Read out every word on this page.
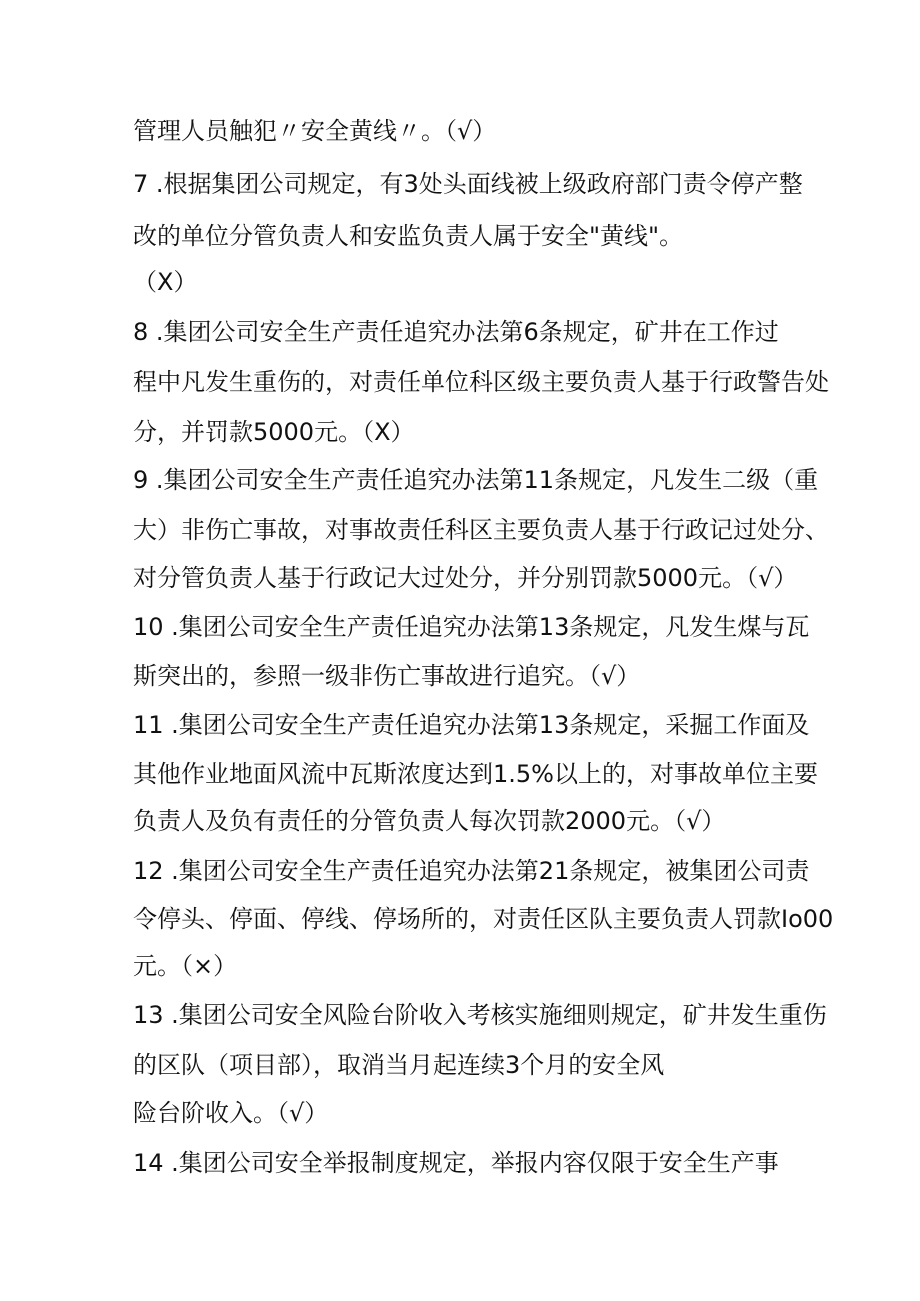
管理人员触犯〃安全黄线〃。（√）
7 .根据集团公司规定，有3处头面线被上级政府部门责令停产整
改的单位分管负责人和安监负责人属于安全"黄线"。
（X）
8 .集团公司安全生产责任追究办法第6条规定，矿井在工作过
程中凡发生重伤的，对责任单位科区级主要负责人基于行政警告处
分，并罚款5000元。（X）
9 .集团公司安全生产责任追究办法第11条规定，凡发生二级（重
大）非伤亡事故，对事故责任科区主要负责人基于行政记过处分、
对分管负责人基于行政记大过处分，并分别罚款5000元。（√）
10 .集团公司安全生产责任追究办法第13条规定，凡发生煤与瓦
斯突出的，参照一级非伤亡事故进行追究。（√）
11 .集团公司安全生产责任追究办法第13条规定，采掘工作面及
其他作业地面风流中瓦斯浓度达到1.5%以上的，对事故单位主要
负责人及负有责任的分管负责人每次罚款2000元。（√）
12 .集团公司安全生产责任追究办法第21条规定，被集团公司责
令停头、停面、停线、停场所的，对责任区队主要负责人罚款Io00
元。（×）
13 .集团公司安全风险台阶收入考核实施细则规定，矿井发生重伤
的区队（项目部），取消当月起连续3个月的安全风
险台阶收入。（√）
14 .集团公司安全举报制度规定，举报内容仅限于安全生产事
